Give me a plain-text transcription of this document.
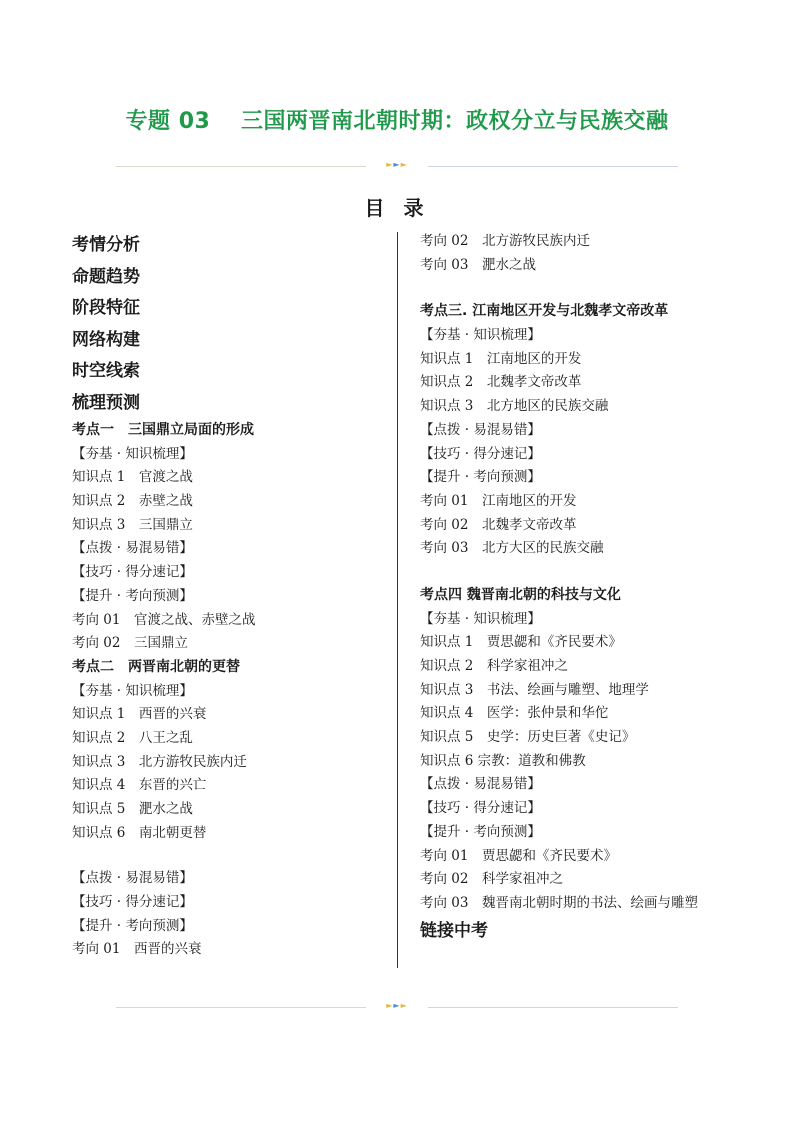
专题 03　 三国两晋南北朝时期：政权分立与民族交融
►►►
目 录
考情分析
命题趋势
阶段特征
网络构建
时空线索
梳理预测
考点一　三国鼎立局面的形成
【夯基 · 知识梳理】
知识点 1　官渡之战
知识点 2　赤壁之战
知识点 3　三国鼎立
【点拨 · 易混易错】
【技巧 · 得分速记】
【提升 · 考向预测】
考向 01　官渡之战、赤壁之战
考向 02　三国鼎立
考点二　两晋南北朝的更替
【夯基 · 知识梳理】
知识点 1　西晋的兴衰
知识点 2　八王之乱
知识点 3　北方游牧民族内迁
知识点 4　东晋的兴亡
知识点 5　淝水之战
知识点 6　南北朝更替
【点拨 · 易混易错】
【技巧 · 得分速记】
【提升 · 考向预测】
考向 01　西晋的兴衰
考向 02　北方游牧民族内迁
考向 03　淝水之战
考点三. 江南地区开发与北魏孝文帝改革
【夯基 · 知识梳理】
知识点 1　江南地区的开发
知识点 2　北魏孝文帝改革
知识点 3　北方地区的民族交融
【点拨 · 易混易错】
【技巧 · 得分速记】
【提升 · 考向预测】
考向 01　江南地区的开发
考向 02　北魏孝文帝改革
考向 03　北方大区的民族交融
考点四 魏晋南北朝的科技与文化
【夯基 · 知识梳理】
知识点 1　贾思勰和《齐民要术》
知识点 2　科学家祖冲之
知识点 3　书法、绘画与雕塑、地理学
知识点 4　医学：张仲景和华佗
知识点 5　史学：历史巨著《史记》
知识点 6 宗教：道教和佛教
【点拨 · 易混易错】
【技巧 · 得分速记】
【提升 · 考向预测】
考向 01　贾思勰和《齐民要术》
考向 02　科学家祖冲之
考向 03　魏晋南北朝时期的书法、绘画与雕塑
链接中考
►►►
